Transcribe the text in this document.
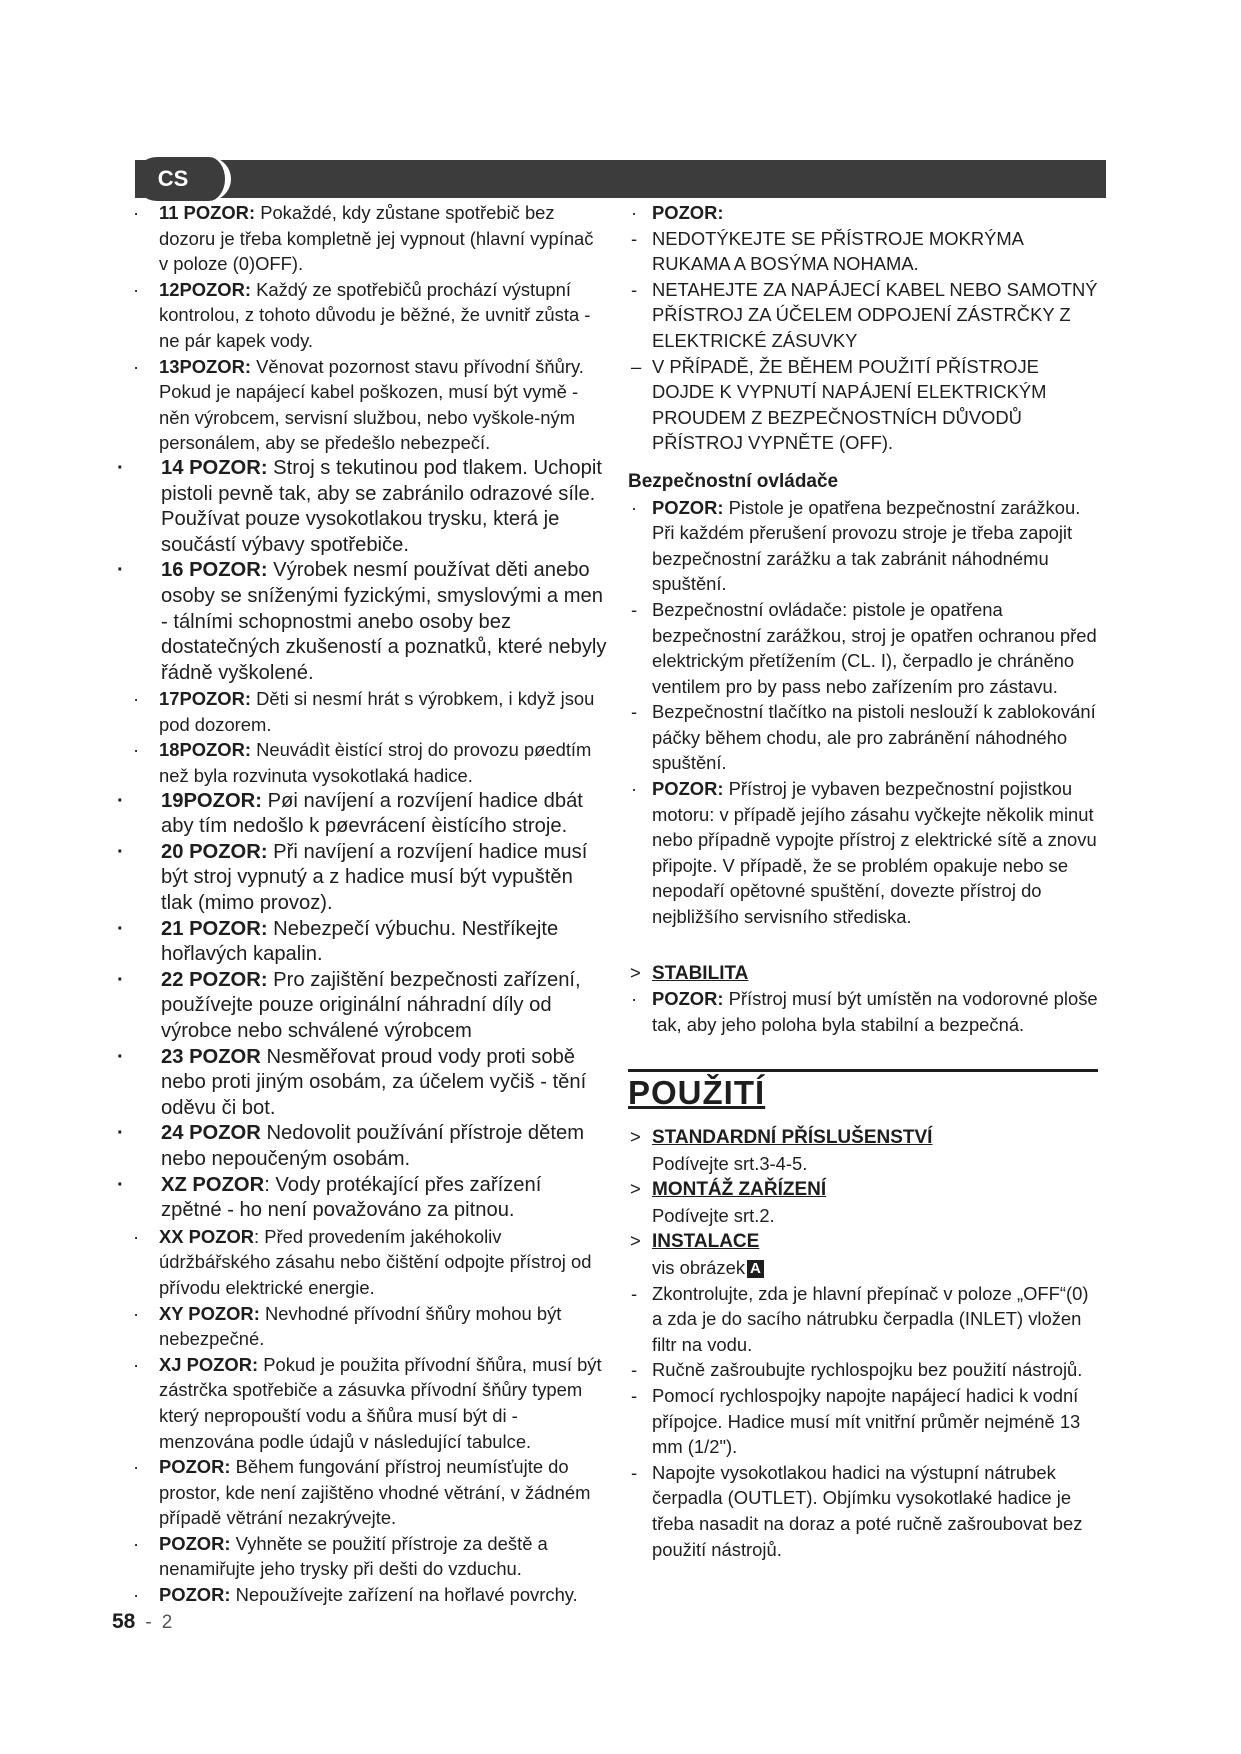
CS
· 11 POZOR: Pokaždé, kdy zůstane spotřebič bez dozoru je třeba kompletně jej vypnout (hlavní vypínač v poloze (0)OFF).
· 12POZOR: Každý ze spotřebičů prochází výstupní kontrolou, z tohoto důvodu je běžné, že uvnitř zůsta - ne pár kapek vody.
· 13POZOR: Věnovat pozornost stavu přívodní šňůry. Pokud je napájecí kabel poškozen, musí být vymě - něn výrobcem, servisní službou, nebo vyškole-ným personálem, aby se předešlo nebezpečí.
· 14 POZOR: Stroj s tekutinou pod tlakem. Uchopit pistoli pevně tak, aby se zabránilo odrazové síle. Používat pouze vysokotlakou trysku, která je součástí výbavy spotřebiče.
· 16 POZOR: Výrobek nesmí používat děti anebo osoby se sníženými fyzickými, smyslovými a men - tálními schopnostmi anebo osoby bez dostatečných zkušeností a poznatků, které nebyly řádně vyškolené.
· 17POZOR: Děti si nesmí hrát s výrobkem, i když jsou pod dozorem.
· 18POZOR: Neuvádìt èistící stroj do provozu pøedtím než byla rozvinuta vysokotlaká hadice.
· 19POZOR: Pøi navíjení a rozvíjení hadice dbát aby tím nedošlo k pøevrácení èistícího stroje.
· 20 POZOR: Při navíjení a rozvíjení hadice musí být stroj vypnutý a z hadice musí být vypuštěn tlak (mimo provoz).
· 21 POZOR: Nebezpečí výbuchu. Nestříkejte hořlavých kapalin.
· 22 POZOR: Pro zajištění bezpečnosti zařízení, používejte pouze originální náhradní díly od výrobce nebo schválené výrobcem
· 23 POZOR Nesměřovat proud vody proti sobě nebo proti jiným osobám, za účelem vyčiš - tění oděvu či bot.
· 24 POZOR Nedovolit používání přístroje dětem nebo nepoučeným osobám.
· XZ POZOR: Vody protékající přes zařízení zpětné - ho není považováno za pitnou.
· XX POZOR: Před provedením jakéhokoliv údržbářského zásahu nebo čištění odpojte přístroj od přívodu elektrické energie.
· XY POZOR: Nevhodné přívodní šňůry mohou být nebezpečné.
· XJ POZOR: Pokud je použita přívodní šňůra, musí být zástrčka spotřebiče a zásuvka přívodní šňůry typem který nepropouští vodu a šňůra musí být di - menzována podle údajů v následující tabulce.
· POZOR: Během fungování přístroj neumísťujte do prostor, kde není zajištěno vhodné větrání, v žádném případě větrání nezakrývejte.
· POZOR: Vyhněte se použití přístroje za deště a nenamiřujte jeho trysky při dešti do vzduchu.
· POZOR: Nepoužívejte zařízení na hořlavé povrchy.
· POZOR:
- NEDOTÝKEJTE SE PŘÍSTROJE MOKRÝMA RUKAMA A BOSÝMA NOHAMA.
- NETAHEJTE ZA NAPÁJECÍ KABEL NEBO SAMOTNÝ PŘÍSTROJ ZA ÚČELEM ODPOJENÍ ZÁSTRČKY Z ELEKTRICKÉ ZÁSUVKY
– V PŘÍPADĚ, ŽE BĚHEM POUŽITÍ PŘÍSTROJE DOJDE K VYPNUTÍ NAPÁJENÍ ELEKTRICKÝM PROUDEM Z BEZPEČNOSTNÍCH DŮVODŮ PŘÍSTROJ VYPNĚTE (OFF).
Bezpečnostní ovládače
· POZOR: Pistole je opatřena bezpečnostní zarážkou. Při každém přerušení provozu stroje je třeba zapojit bezpečnostní zarážku a tak zabránit náhodnému spuštění.
- Bezpečnostní ovládače: pistole je opatřena bezpečnostní zarážkou, stroj je opatřen ochranou před elektrickým přetížením (CL. I), čerpadlo je chráněno ventilem pro by pass nebo zařízením pro zástavu.
- Bezpečnostní tlačítko na pistoli neslouží k zablokování páčky během chodu, ale pro zabránění náhodného spuštění.
· POZOR: Přístroj je vybaven bezpečnostní pojistkou motoru: v případě jejího zásahu vyčkejte několik minut nebo případně vypojte přístroj z elektrické sítě a znovu připojte. V případě, že se problém opakuje nebo se nepodaří opětovné spuštění, dovezte přístroj do nejbližšího servisního střediska.
> STABILITA
· POZOR: Přístroj musí být umístěn na vodorovné ploše tak, aby jeho poloha byla stabilní a bezpečná.
POUŽITÍ
> STANDARDNÍ PŘÍSLUŠENSTVÍ
Podívejte srt.3-4-5.
> MONTÁŽ ZAŘÍZENÍ
Podívejte srt.2.
> INSTALACE
vis obrázek A
- Zkontrolujte, zda je hlavní přepínač v poloze „OFF“(0) a zda je do sacího nátrubku čerpadla (INLET) vložen filtr na vodu.
- Ručně zašroubujte rychlospojku bez použití nástrojů.
- Pomocí rychlospojky napojte napájecí hadici k vodní přípojce. Hadice musí mít vnitřní průměr nejméně 13 mm (1/2").
- Napojte vysokotlakou hadici na výstupní nátrubek čerpadla (OUTLET). Objímku vysokotlaké hadice je třeba nasadit na doraz a poté ručně zašroubovat bez použití nástrojů.
58 - 2
